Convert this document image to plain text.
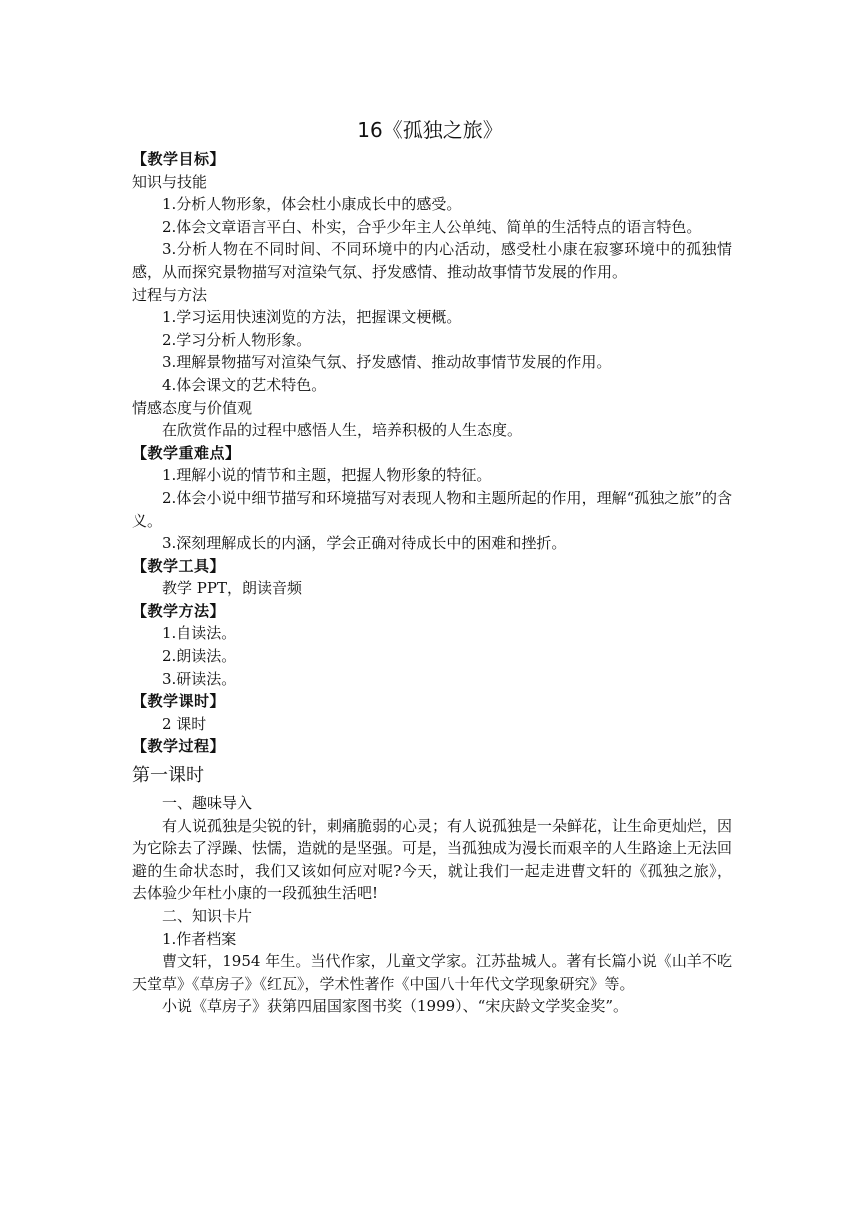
16《孤独之旅》

【教学目标】

知识与技能

1.分析人物形象，体会杜小康成长中的感受。

2.体会文章语言平白、朴实，合乎少年主人公单纯、简单的生活特点的语言特色。

3.分析人物在不同时间、不同环境中的内心活动，感受杜小康在寂寥环境中的孤独情感，从而探究景物描写对渲染气氛、抒发感情、推动故事情节发展的作用。

过程与方法

1.学习运用快速浏览的方法，把握课文梗概。

2.学习分析人物形象。

3.理解景物描写对渲染气氛、抒发感情、推动故事情节发展的作用。

4.体会课文的艺术特色。

情感态度与价值观

在欣赏作品的过程中感悟人生，培养积极的人生态度。

【教学重难点】

1.理解小说的情节和主题，把握人物形象的特征。

2.体会小说中细节描写和环境描写对表现人物和主题所起的作用，理解“孤独之旅”的含义。

3.深刻理解成长的内涵，学会正确对待成长中的困难和挫折。

【教学工具】

教学 PPT，朗读音频

【教学方法】

1.自读法。

2.朗读法。

3.研读法。

【教学课时】

2 课时

【教学过程】

第一课时

一、趣味导入

有人说孤独是尖锐的针，刺痛脆弱的心灵；有人说孤独是一朵鲜花，让生命更灿烂，因为它除去了浮躁、怯懦，造就的是坚强。可是，当孤独成为漫长而艰辛的人生路途上无法回避的生命状态时，我们又该如何应对呢?今天，就让我们一起走进曹文轩的《孤独之旅》，去体验少年杜小康的一段孤独生活吧!

二、知识卡片

1.作者档案

曹文轩，1954 年生。当代作家，儿童文学家。江苏盐城人。著有长篇小说《山羊不吃天堂草》《草房子》《红瓦》，学术性著作《中国八十年代文学现象研究》等。

小说《草房子》获第四届国家图书奖（1999）、“宋庆龄文学奖金奖”。
